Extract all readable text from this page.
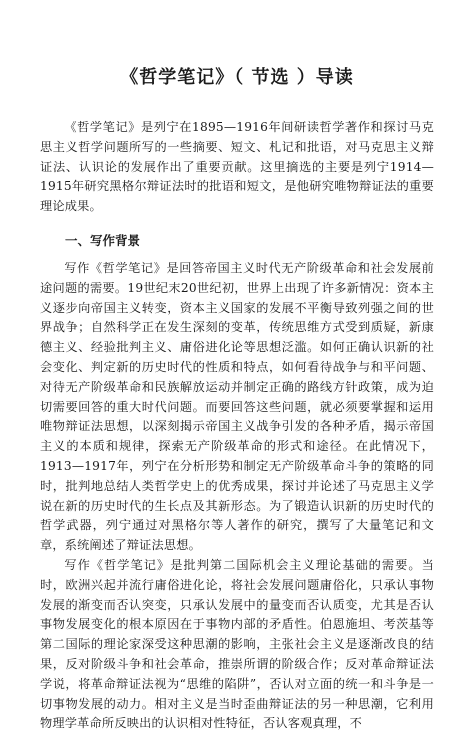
《哲学笔记》（ 节选 ）导读

《哲学笔记》是列宁在1895—1916年间研读哲学著作和探讨马克思主义哲学问题所写的一些摘要、短文、札记和批语，对马克思主义辩证法、认识论的发展作出了重要贡献。这里摘选的主要是列宁1914—1915年研究黑格尔辩证法时的批语和短文，是他研究唯物辩证法的重要理论成果。

一、写作背景

写作《哲学笔记》是回答帝国主义时代无产阶级革命和社会发展前途问题的需要。19世纪末20世纪初，世界上出现了许多新情况：资本主义逐步向帝国主义转变，资本主义国家的发展不平衡导致列强之间的世界战争；自然科学正在发生深刻的变革，传统思维方式受到质疑，新康德主义、经验批判主义、庸俗进化论等思想泛滥。如何正确认识新的社会变化、判定新的历史时代的性质和特点，如何看待战争与和平问题、对待无产阶级革命和民族解放运动并制定正确的路线方针政策，成为迫切需要回答的重大时代问题。而要回答这些问题，就必须要掌握和运用唯物辩证法思想，以深刻揭示帝国主义战争引发的各种矛盾，揭示帝国主义的本质和规律，探索无产阶级革命的形式和途径。在此情况下，1913—1917年，列宁在分析形势和制定无产阶级革命斗争的策略的同时，批判地总结人类哲学史上的优秀成果，探讨并论述了马克思主义学说在新的历史时代的生长点及其新形态。为了锻造认识新的历史时代的哲学武器，列宁通过对黑格尔等人著作的研究，撰写了大量笔记和文章，系统阐述了辩证法思想。

写作《哲学笔记》是批判第二国际机会主义理论基础的需要。当时，欧洲兴起并流行庸俗进化论，将社会发展问题庸俗化，只承认事物发展的渐变而否认突变，只承认发展中的量变而否认质变，尤其是否认事物发展变化的根本原因在于事物内部的矛盾性。伯恩施坦、考茨基等第二国际的理论家深受这种思潮的影响，主张社会主义是逐渐改良的结果，反对阶级斗争和社会革命，推崇所谓的阶级合作；反对革命辩证法学说，将革命辩证法视为“思维的陷阱”，否认对立面的统一和斗争是一切事物发展的动力。相对主义是当时歪曲辩证法的另一种思潮，它利用物理学革命所反映出的认识相对性特征，否认客观真理，不
